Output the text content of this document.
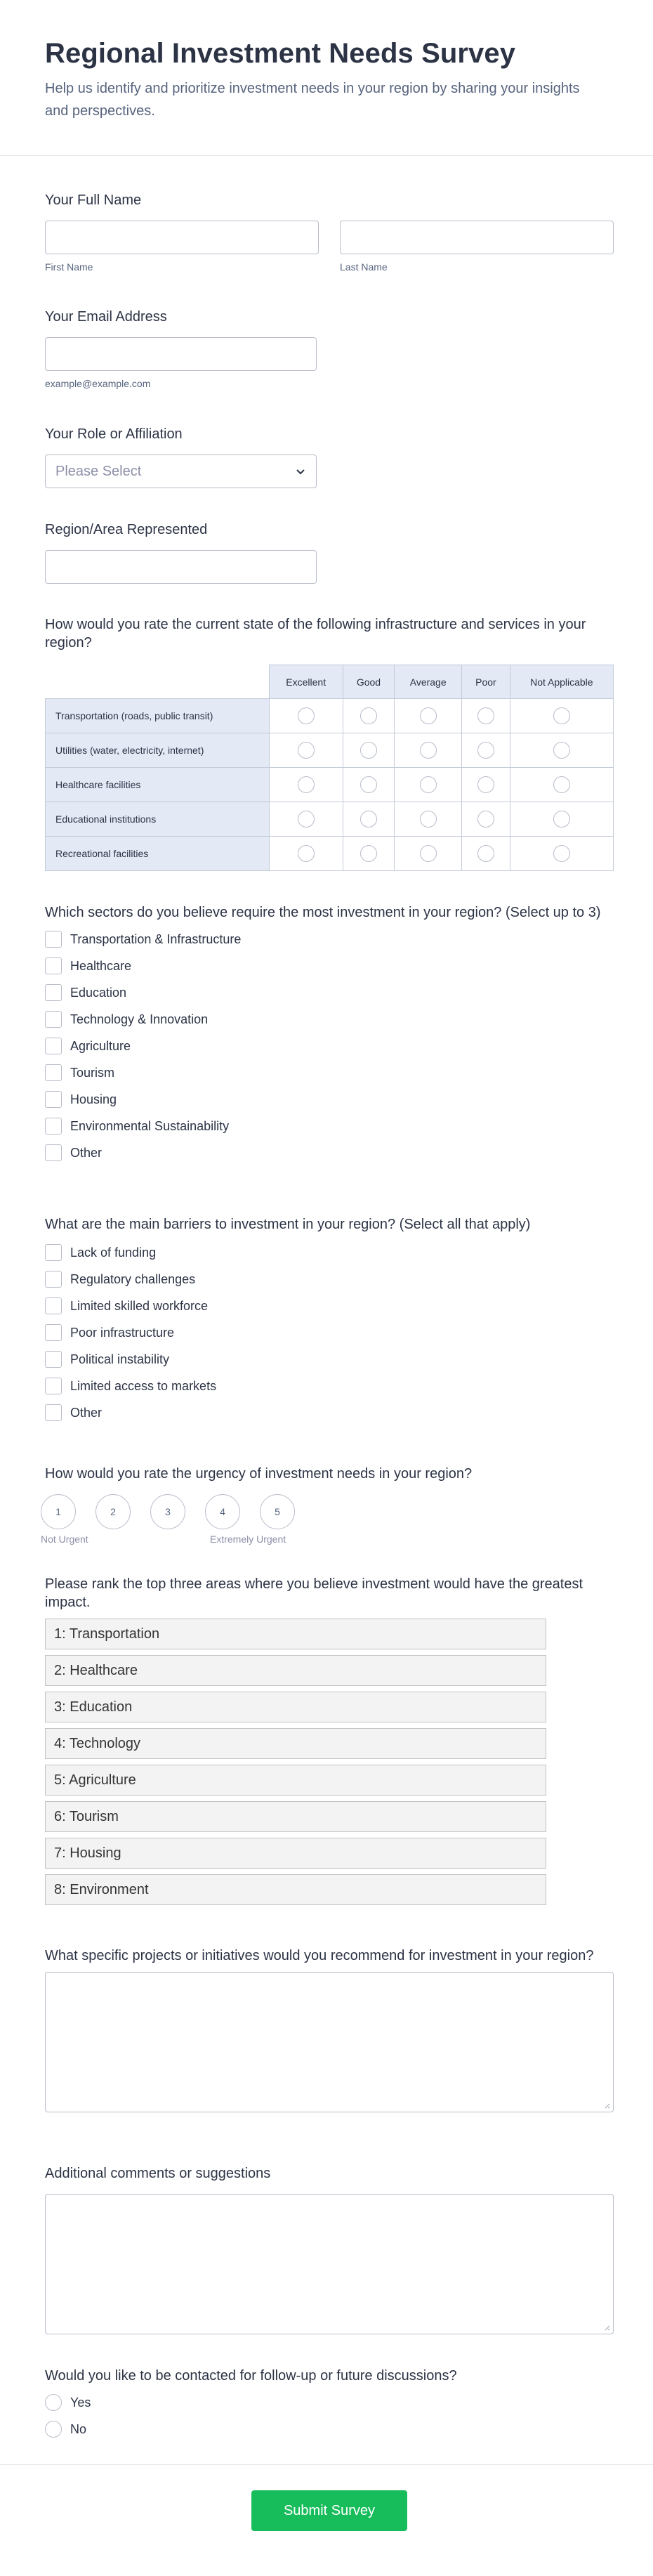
Regional Investment Needs Survey

Help us identify and prioritize investment needs in your region by sharing your insights and perspectives.

Your Full Name
First Name	Last Name
Your Email Address
example@example.com
Your Role or Affiliation
Please Select
Region/Area Represented
How would you rate the current state of the following infrastructure and services in your region?
	Excellent	Good	Average	Poor	Not Applicable
Transportation (roads, public transit)					
Utilities (water, electricity, internet)					
Healthcare facilities					
Educational institutions					
Recreational facilities					
Which sectors do you believe require the most investment in your region? (Select up to 3)
Transportation & Infrastructure
Healthcare
Education
Technology & Innovation
Agriculture
Tourism
Housing
Environmental Sustainability
Other
What are the main barriers to investment in your region? (Select all that apply)
Lack of funding
Regulatory challenges
Limited skilled workforce
Poor infrastructure
Political instability
Limited access to markets
Other
How would you rate the urgency of investment needs in your region?
1	2	3	4	5
Not Urgent	Extremely Urgent
Please rank the top three areas where you believe investment would have the greatest impact.
1: Transportation
2: Healthcare
3: Education
4: Technology
5: Agriculture
6: Tourism
7: Housing
8: Environment
What specific projects or initiatives would you recommend for investment in your region?
Additional comments or suggestions
Would you like to be contacted for follow-up or future discussions?
Yes
No
Submit Survey
